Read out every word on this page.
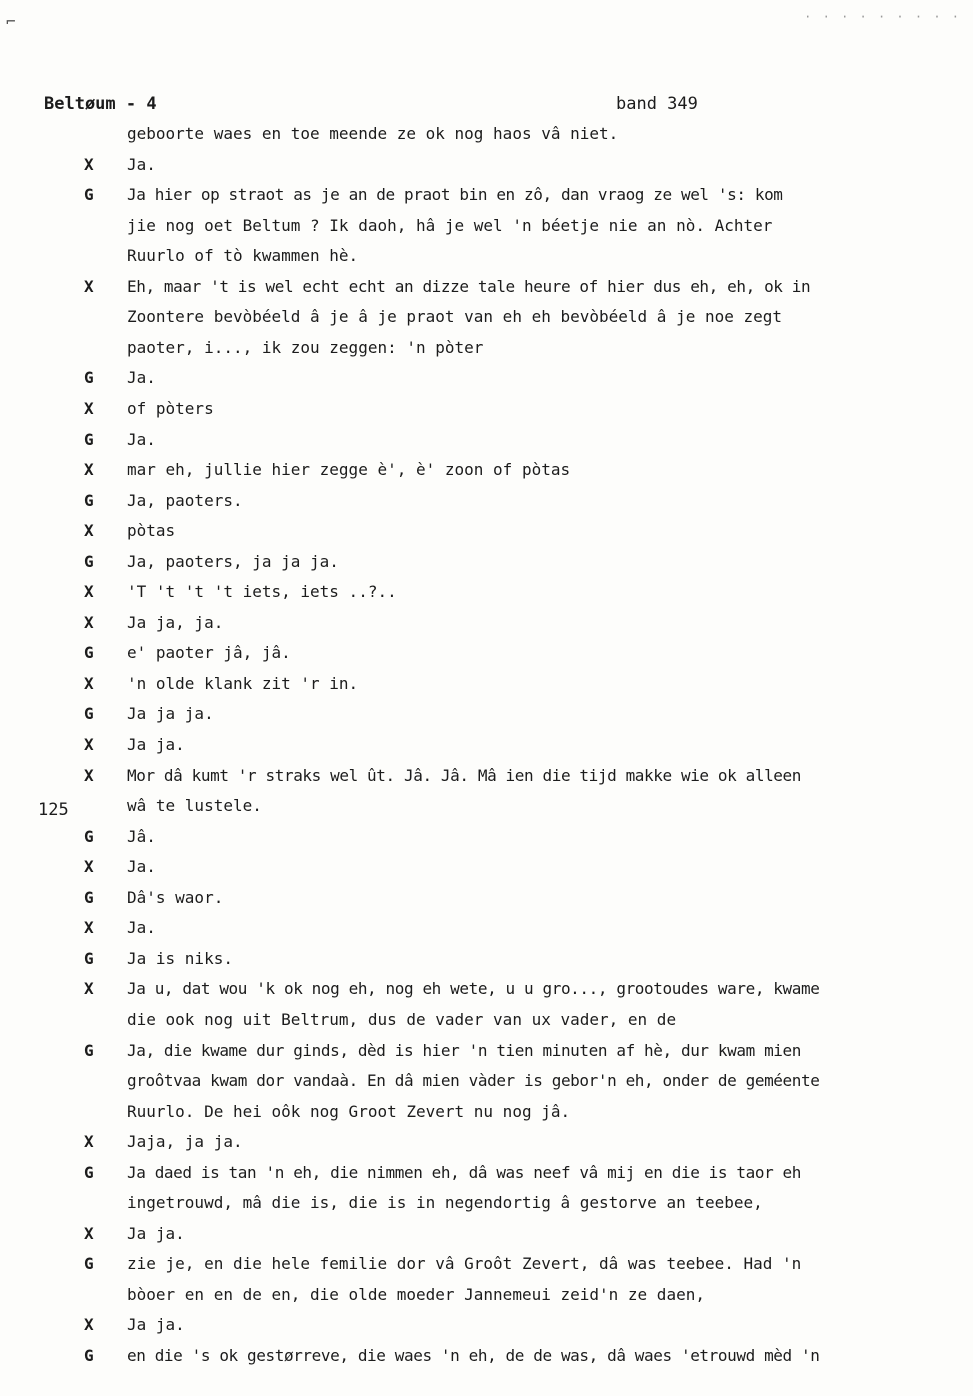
⌐	· · · · · · · · ·
Beltøum - 4	band 349
125
geboorte waes en toe meende ze ok nog haos vâ niet.
X	Ja.
G	Ja hier op straot as je an de praot bin en zô, dan vraog ze wel 's: kom
jie nog oet Beltum ? Ik daoh, hâ je wel 'n béetje nie an nò. Achter
Ruurlo of tò kwammen hè.
X	Eh, maar 't is wel echt echt an dizze tale heure of hier dus eh, eh, ok in
Zoontere bevòbéeld â je â je praot van eh eh bevòbéeld â je noe zegt
paoter, i..., ik zou zeggen: 'n pòter
G	Ja.
X	of pòters
G	Ja.
X	mar eh, jullie hier zegge è', è' zoon of pòtas
G	Ja, paoters.
X	pòtas
G	Ja, paoters, ja ja ja.
X	'T 't 't 't iets, iets ..?..
X	Ja ja, ja.
G	e' paoter jâ, jâ.
X	'n olde klank zit 'r in.
G	Ja ja ja.
X	Ja ja.
X	Mor dâ kumt 'r straks wel ût. Jâ. Jâ. Mâ ien die tijd makke wie ok alleen
wâ te lustele.
G	Jâ.
X	Ja.
G	Dâ's waor.
X	Ja.
G	Ja is niks.
X	Ja u, dat wou 'k ok nog eh, nog eh wete, u u gro..., grootoudes ware, kwame
die ook nog uit Beltrum, dus de vader van ux vader, en de
G	Ja, die kwame dur ginds, dèd is hier 'n tien minuten af hè, dur kwam mien
groôtvaa kwam dor vandaà. En dâ mien vàder is gebor'n eh, onder de geméente
Ruurlo. De hei oôk nog Groot Zevert nu nog jâ.
X	Jaja, ja ja.
G	Ja daed is tan 'n eh, die nimmen eh, dâ was neef vâ mij en die is taor eh
ingetrouwd, mâ die is, die is in negendortig â gestorve an teebee,
X	Ja ja.
G	zie je, en die hele femilie dor vâ Groôt Zevert, dâ was teebee. Had 'n
bòoer en en de en, die olde moeder Jannemeui zeid'n ze daen,
X	Ja ja.
G	en die 's ok gestørreve, die waes 'n eh, de de was, dâ waes 'etrouwd mèd 'n
